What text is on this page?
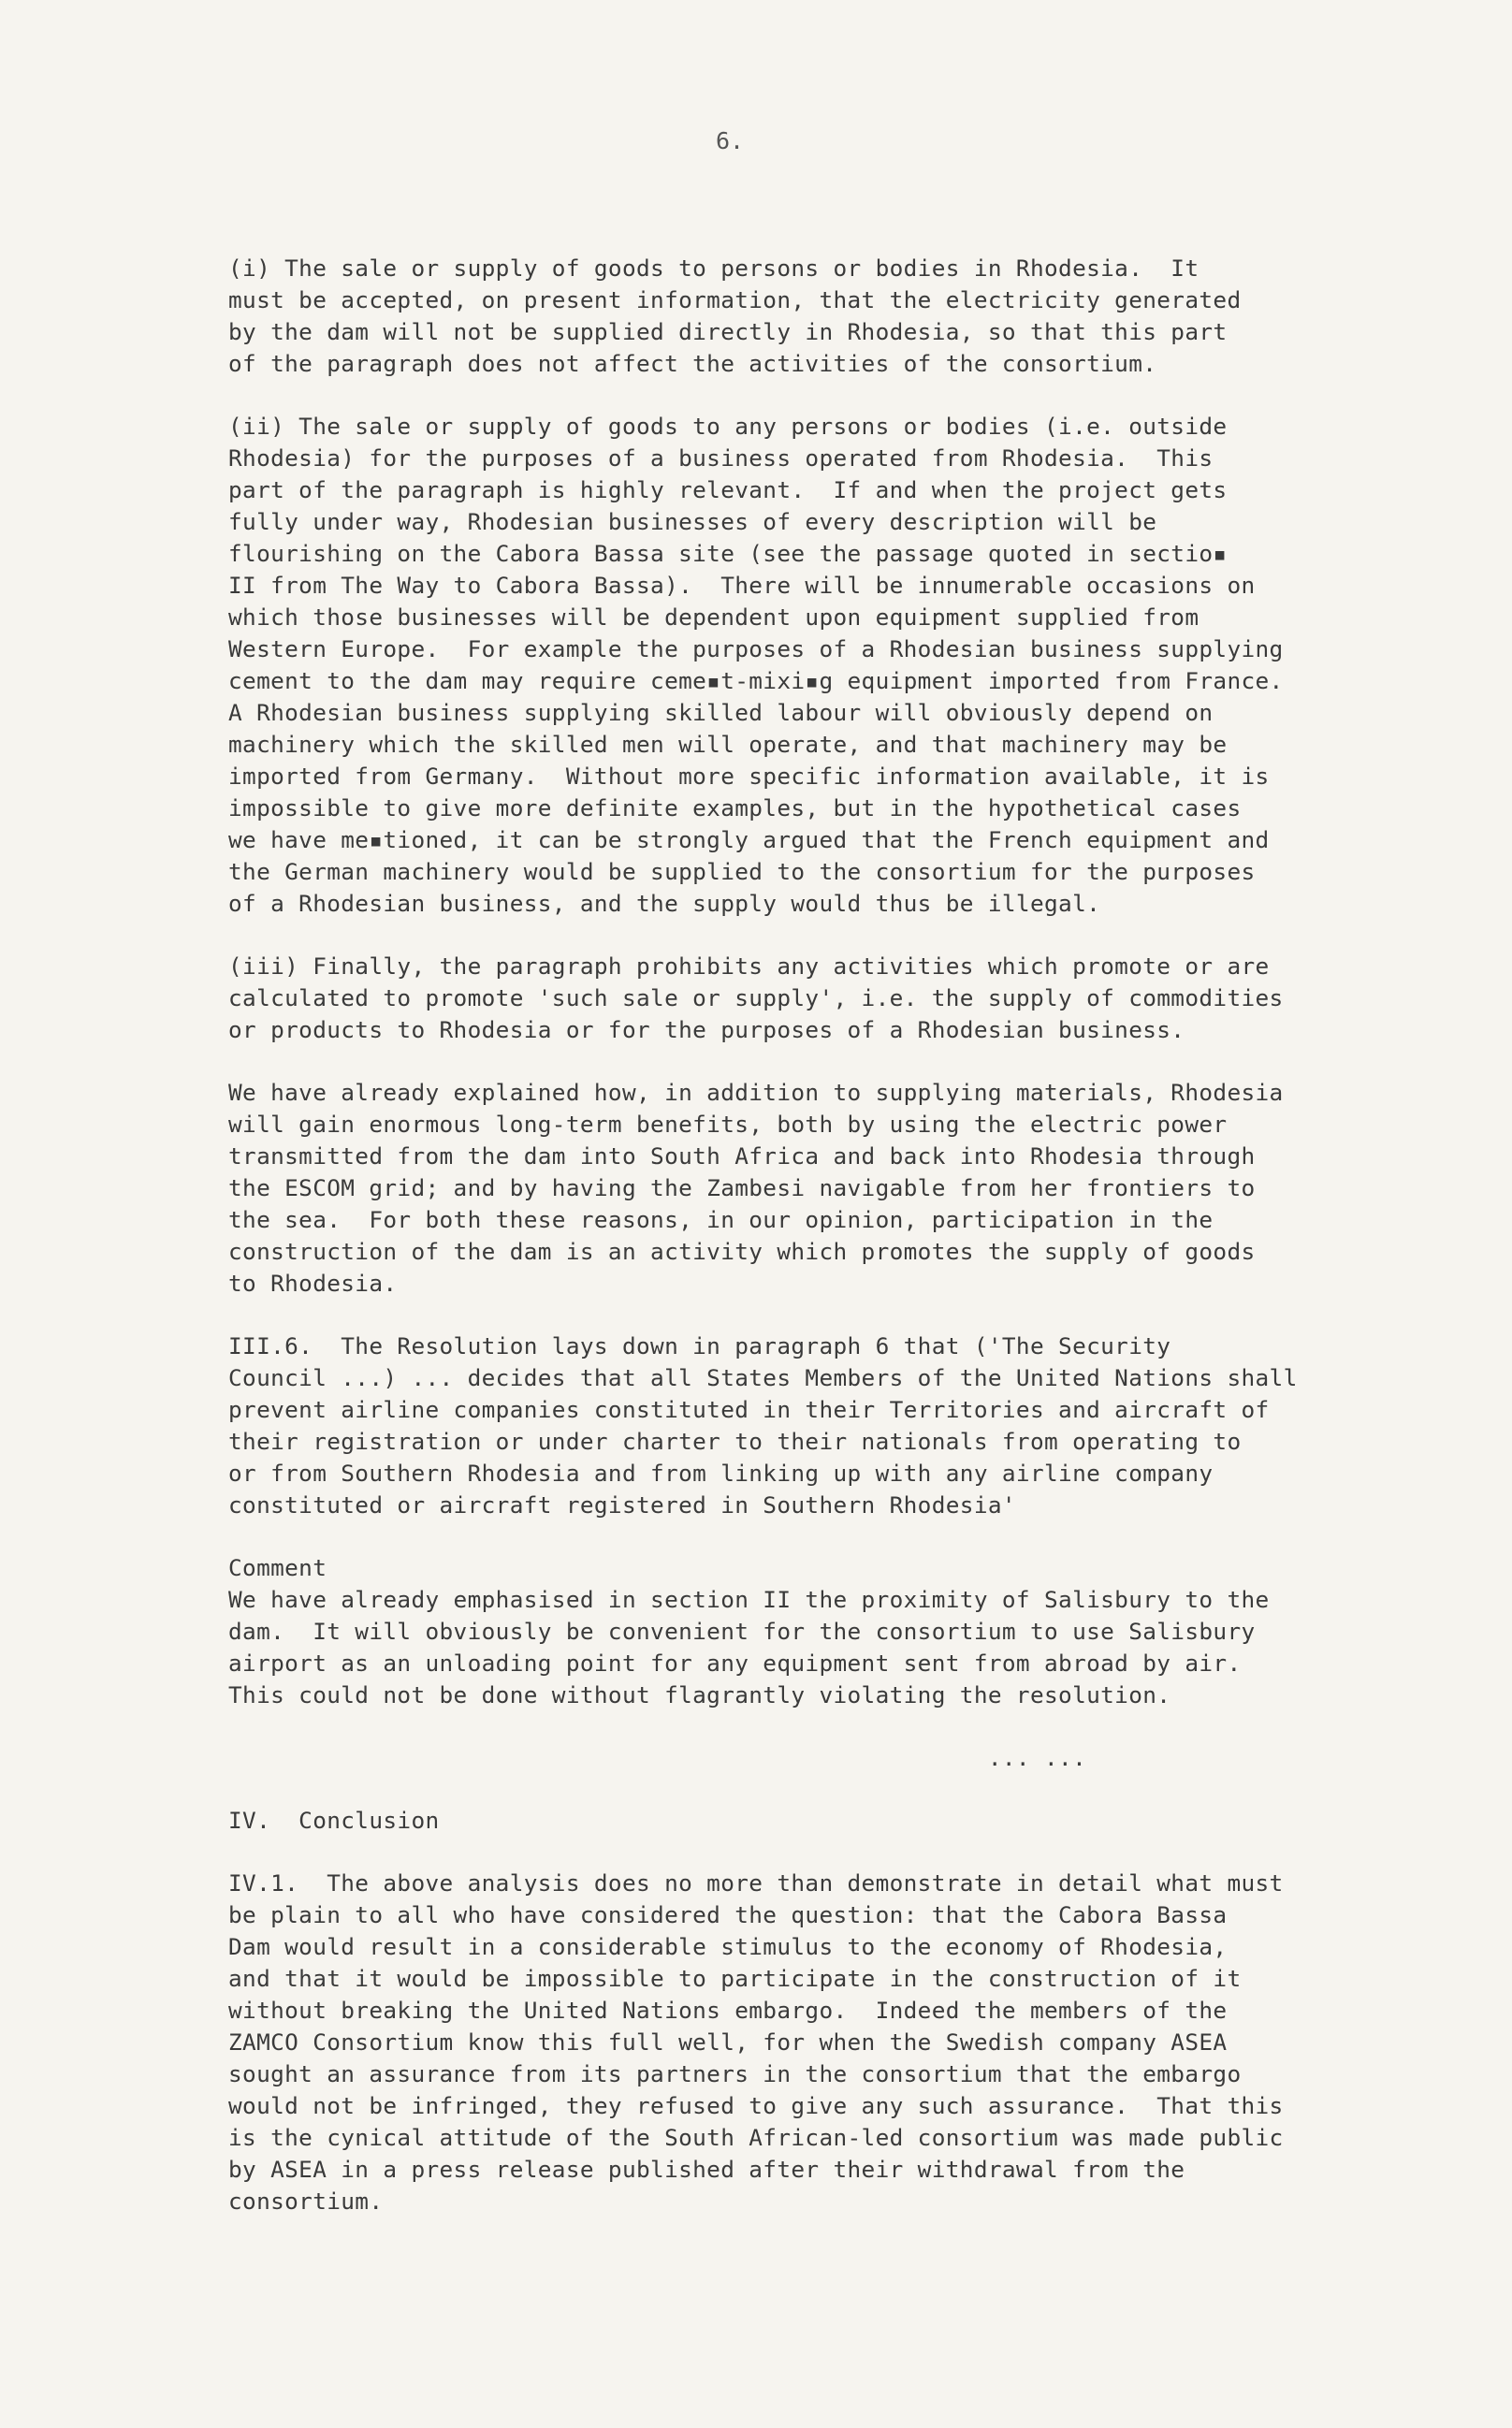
6.
(i) The sale or supply of goods to persons or bodies in Rhodesia.  It
must be accepted, on present information, that the electricity generated
by the dam will not be supplied directly in Rhodesia, so that this part
of the paragraph does not affect the activities of the consortium.
(ii) The sale or supply of goods to any persons or bodies (i.e. outside
Rhodesia) for the purposes of a business operated from Rhodesia.  This
part of the paragraph is highly relevant.  If and when the project gets
fully under way, Rhodesian businesses of every description will be
flourishing on the Cabora Bassa site (see the passage quoted in sectio▪
II from The Way to Cabora Bassa).  There will be innumerable occasions on
which those businesses will be dependent upon equipment supplied from
Western Europe.  For example the purposes of a Rhodesian business supplying
cement to the dam may require ceme▪t-mixi▪g equipment imported from France.
A Rhodesian business supplying skilled labour will obviously depend on
machinery which the skilled men will operate, and that machinery may be
imported from Germany.  Without more specific information available, it is
impossible to give more definite examples, but in the hypothetical cases
we have me▪tioned, it can be strongly argued that the French equipment and
the German machinery would be supplied to the consortium for the purposes
of a Rhodesian business, and the supply would thus be illegal.
(iii) Finally, the paragraph prohibits any activities which promote or are
calculated to promote 'such sale or supply', i.e. the supply of commodities
or products to Rhodesia or for the purposes of a Rhodesian business.
We have already explained how, in addition to supplying materials, Rhodesia
will gain enormous long-term benefits, both by using the electric power
transmitted from the dam into South Africa and back into Rhodesia through
the ESCOM grid; and by having the Zambesi navigable from her frontiers to
the sea.  For both these reasons, in our opinion, participation in the
construction of the dam is an activity which promotes the supply of goods
to Rhodesia.
III.6.  The Resolution lays down in paragraph 6 that ('The Security
Council ...) ... decides that all States Members of the United Nations shall
prevent airline companies constituted in their Territories and aircraft of
their registration or under charter to their nationals from operating to
or from Southern Rhodesia and from linking up with any airline company
constituted or aircraft registered in Southern Rhodesia'
Comment
We have already emphasised in section II the proximity of Salisbury to the
dam.  It will obviously be convenient for the consortium to use Salisbury
airport as an unloading point for any equipment sent from abroad by air.
This could not be done without flagrantly violating the resolution.
... ...
IV.  Conclusion
IV.1.  The above analysis does no more than demonstrate in detail what must
be plain to all who have considered the question: that the Cabora Bassa
Dam would result in a considerable stimulus to the economy of Rhodesia,
and that it would be impossible to participate in the construction of it
without breaking the United Nations embargo.  Indeed the members of the
ZAMCO Consortium know this full well, for when the Swedish company ASEA
sought an assurance from its partners in the consortium that the embargo
would not be infringed, they refused to give any such assurance.  That this
is the cynical attitude of the South African-led consortium was made public
by ASEA in a press release published after their withdrawal from the
consortium.
